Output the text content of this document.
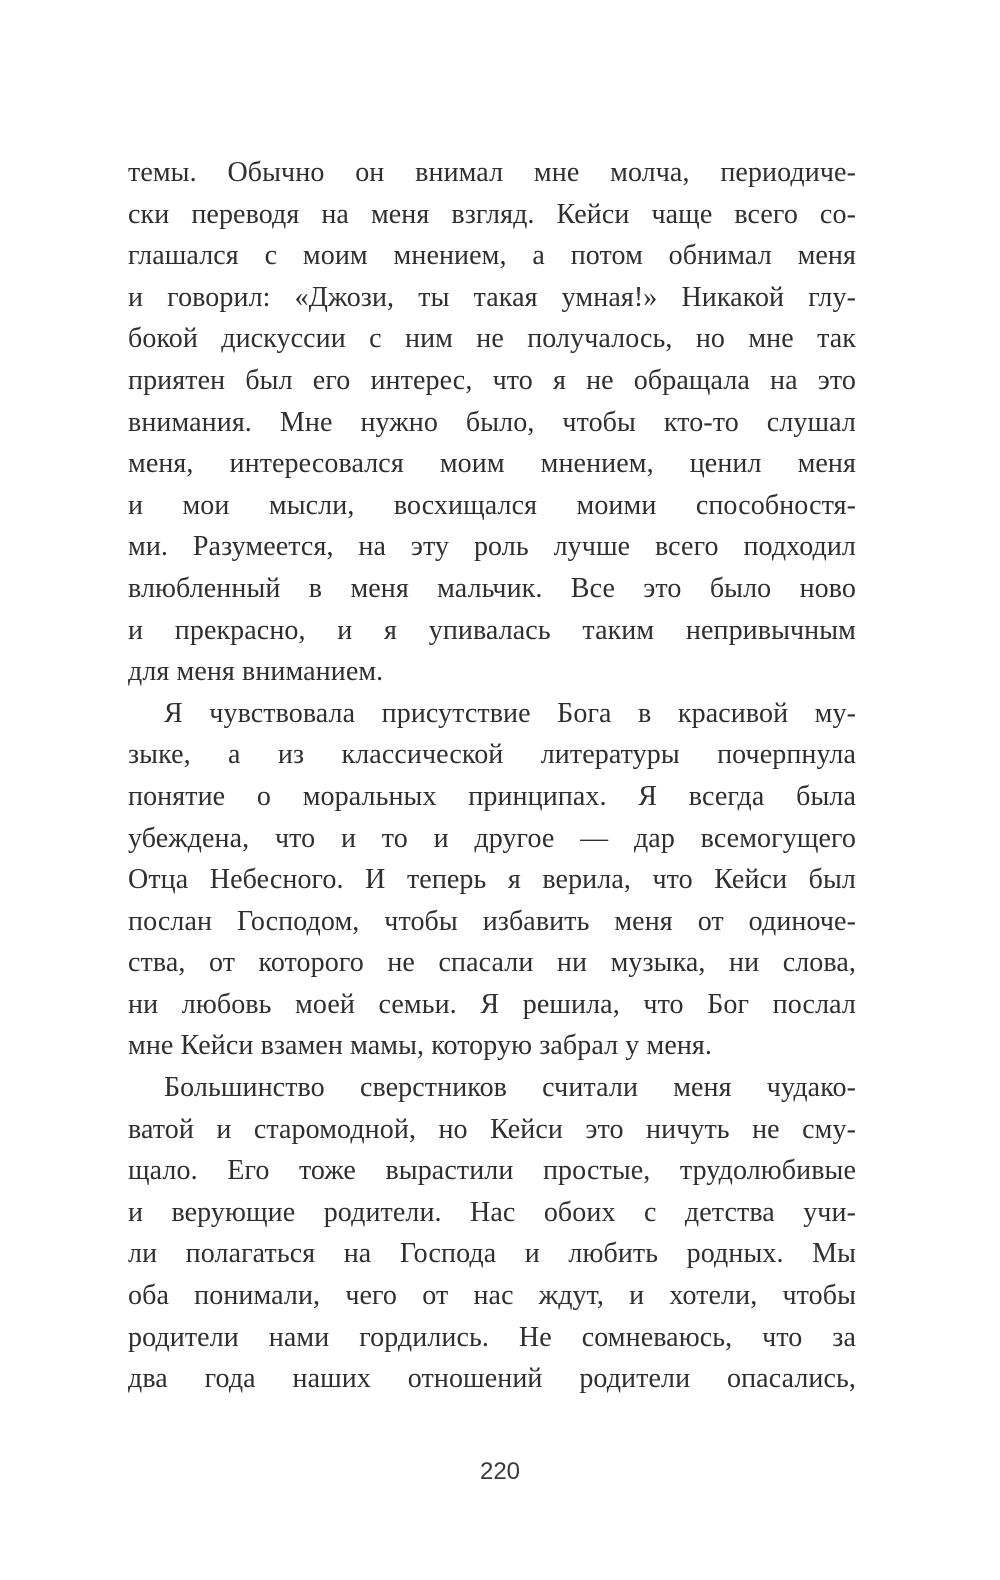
темы. Обычно он внимал мне молча, периодиче-
ски переводя на меня взгляд. Кейси чаще всего со-
глашался с моим мнением, а потом обнимал меня
и говорил: «Джози, ты такая умная!» Никакой глу-
бокой дискуссии с ним не получалось, но мне так
приятен был его интерес, что я не обращала на это
внимания. Мне нужно было, чтобы кто-то слушал
меня, интересовался моим мнением, ценил меня
и мои мысли, восхищался моими способностя-
ми. Разумеется, на эту роль лучше всего подходил
влюбленный в меня мальчик. Все это было ново
и прекрасно, и я упивалась таким непривычным
для меня вниманием.
Я чувствовала присутствие Бога в красивой му-
зыке, а из классической литературы почерпнула
понятие о моральных принципах. Я всегда была
убеждена, что и то и другое — дар всемогущего
Отца Небесного. И теперь я верила, что Кейси был
послан Господом, чтобы избавить меня от одиноче-
ства, от которого не спасали ни музыка, ни слова,
ни любовь моей семьи. Я решила, что Бог послал
мне Кейси взамен мамы, которую забрал у меня.
Большинство сверстников считали меня чудако-
ватой и старомодной, но Кейси это ничуть не сму-
щало. Его тоже вырастили простые, трудолюбивые
и верующие родители. Нас обоих с детства учи-
ли полагаться на Господа и любить родных. Мы
оба понимали, чего от нас ждут, и хотели, чтобы
родители нами гордились. Не сомневаюсь, что за
два года наших отношений родители опасались,
220
